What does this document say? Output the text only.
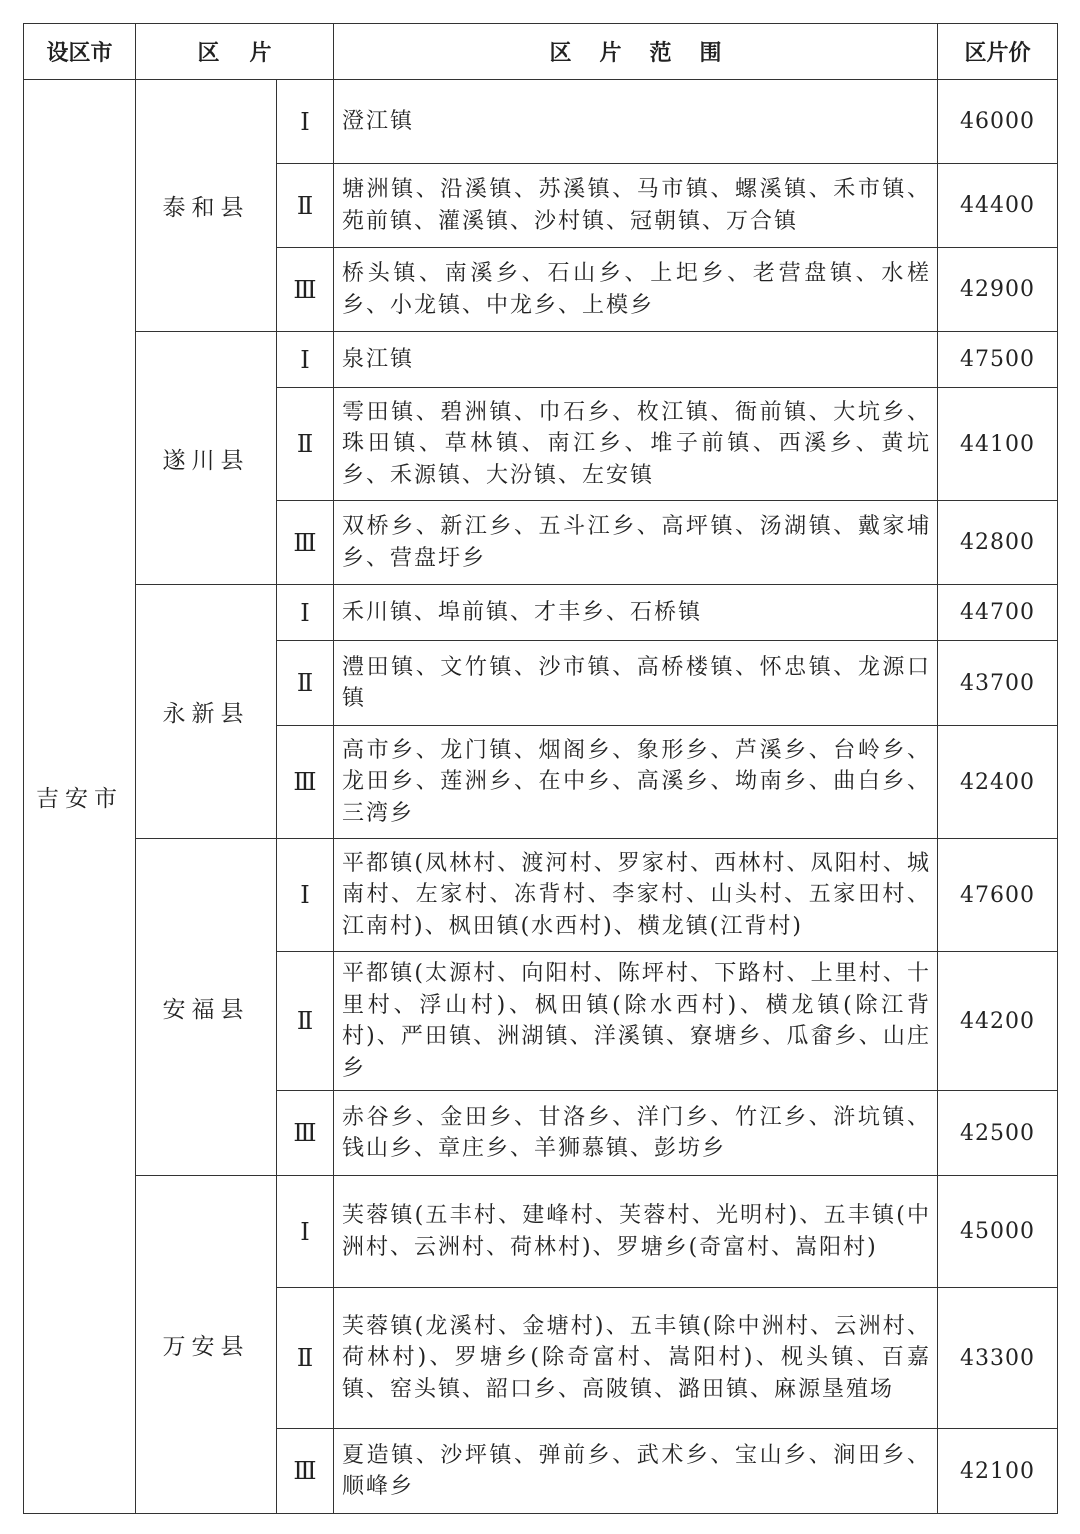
设区市	区片		区片范围	区片价
吉安市	泰和县	Ⅰ	澄江镇	46000
		Ⅱ	塘洲镇、沿溪镇、苏溪镇、马市镇、螺溪镇、禾市镇、苑前镇、灌溪镇、沙村镇、冠朝镇、万合镇	44400
		Ⅲ	桥头镇、南溪乡、石山乡、上圯乡、老营盘镇、水槎乡、小龙镇、中龙乡、上模乡	42900
	遂川县	Ⅰ	泉江镇	47500
		Ⅱ	雩田镇、碧洲镇、巾石乡、枚江镇、衙前镇、大坑乡、珠田镇、草林镇、南江乡、堆子前镇、西溪乡、黄坑乡、禾源镇、大汾镇、左安镇	44100
		Ⅲ	双桥乡、新江乡、五斗江乡、高坪镇、汤湖镇、戴家埔乡、营盘圩乡	42800
	永新县	Ⅰ	禾川镇、埠前镇、才丰乡、石桥镇	44700
		Ⅱ	澧田镇、文竹镇、沙市镇、高桥楼镇、怀忠镇、龙源口镇	43700
		Ⅲ	高市乡、龙门镇、烟阁乡、象形乡、芦溪乡、台岭乡、龙田乡、莲洲乡、在中乡、高溪乡、坳南乡、曲白乡、三湾乡	42400
	安福县	Ⅰ	平都镇(凤林村、渡河村、罗家村、西林村、凤阳村、城南村、左家村、冻背村、李家村、山头村、五家田村、江南村)、枫田镇(水西村)、横龙镇(江背村)	47600
		Ⅱ	平都镇(太源村、向阳村、陈坪村、下路村、上里村、十里村、浮山村)、枫田镇(除水西村)、横龙镇(除江背村)、严田镇、洲湖镇、洋溪镇、寮塘乡、瓜畲乡、山庄乡	44200
		Ⅲ	赤谷乡、金田乡、甘洛乡、洋门乡、竹江乡、浒坑镇、钱山乡、章庄乡、羊狮慕镇、彭坊乡	42500
	万安县	Ⅰ	芙蓉镇(五丰村、建峰村、芙蓉村、光明村)、五丰镇(中洲村、云洲村、荷林村)、罗塘乡(奇富村、嵩阳村)	45000
		Ⅱ	芙蓉镇(龙溪村、金塘村)、五丰镇(除中洲村、云洲村、荷林村)、罗塘乡(除奇富村、嵩阳村)、枧头镇、百嘉镇、窑头镇、韶口乡、高陂镇、潞田镇、麻源垦殖场	43300
		Ⅲ	夏造镇、沙坪镇、弹前乡、武术乡、宝山乡、涧田乡、顺峰乡	42100
